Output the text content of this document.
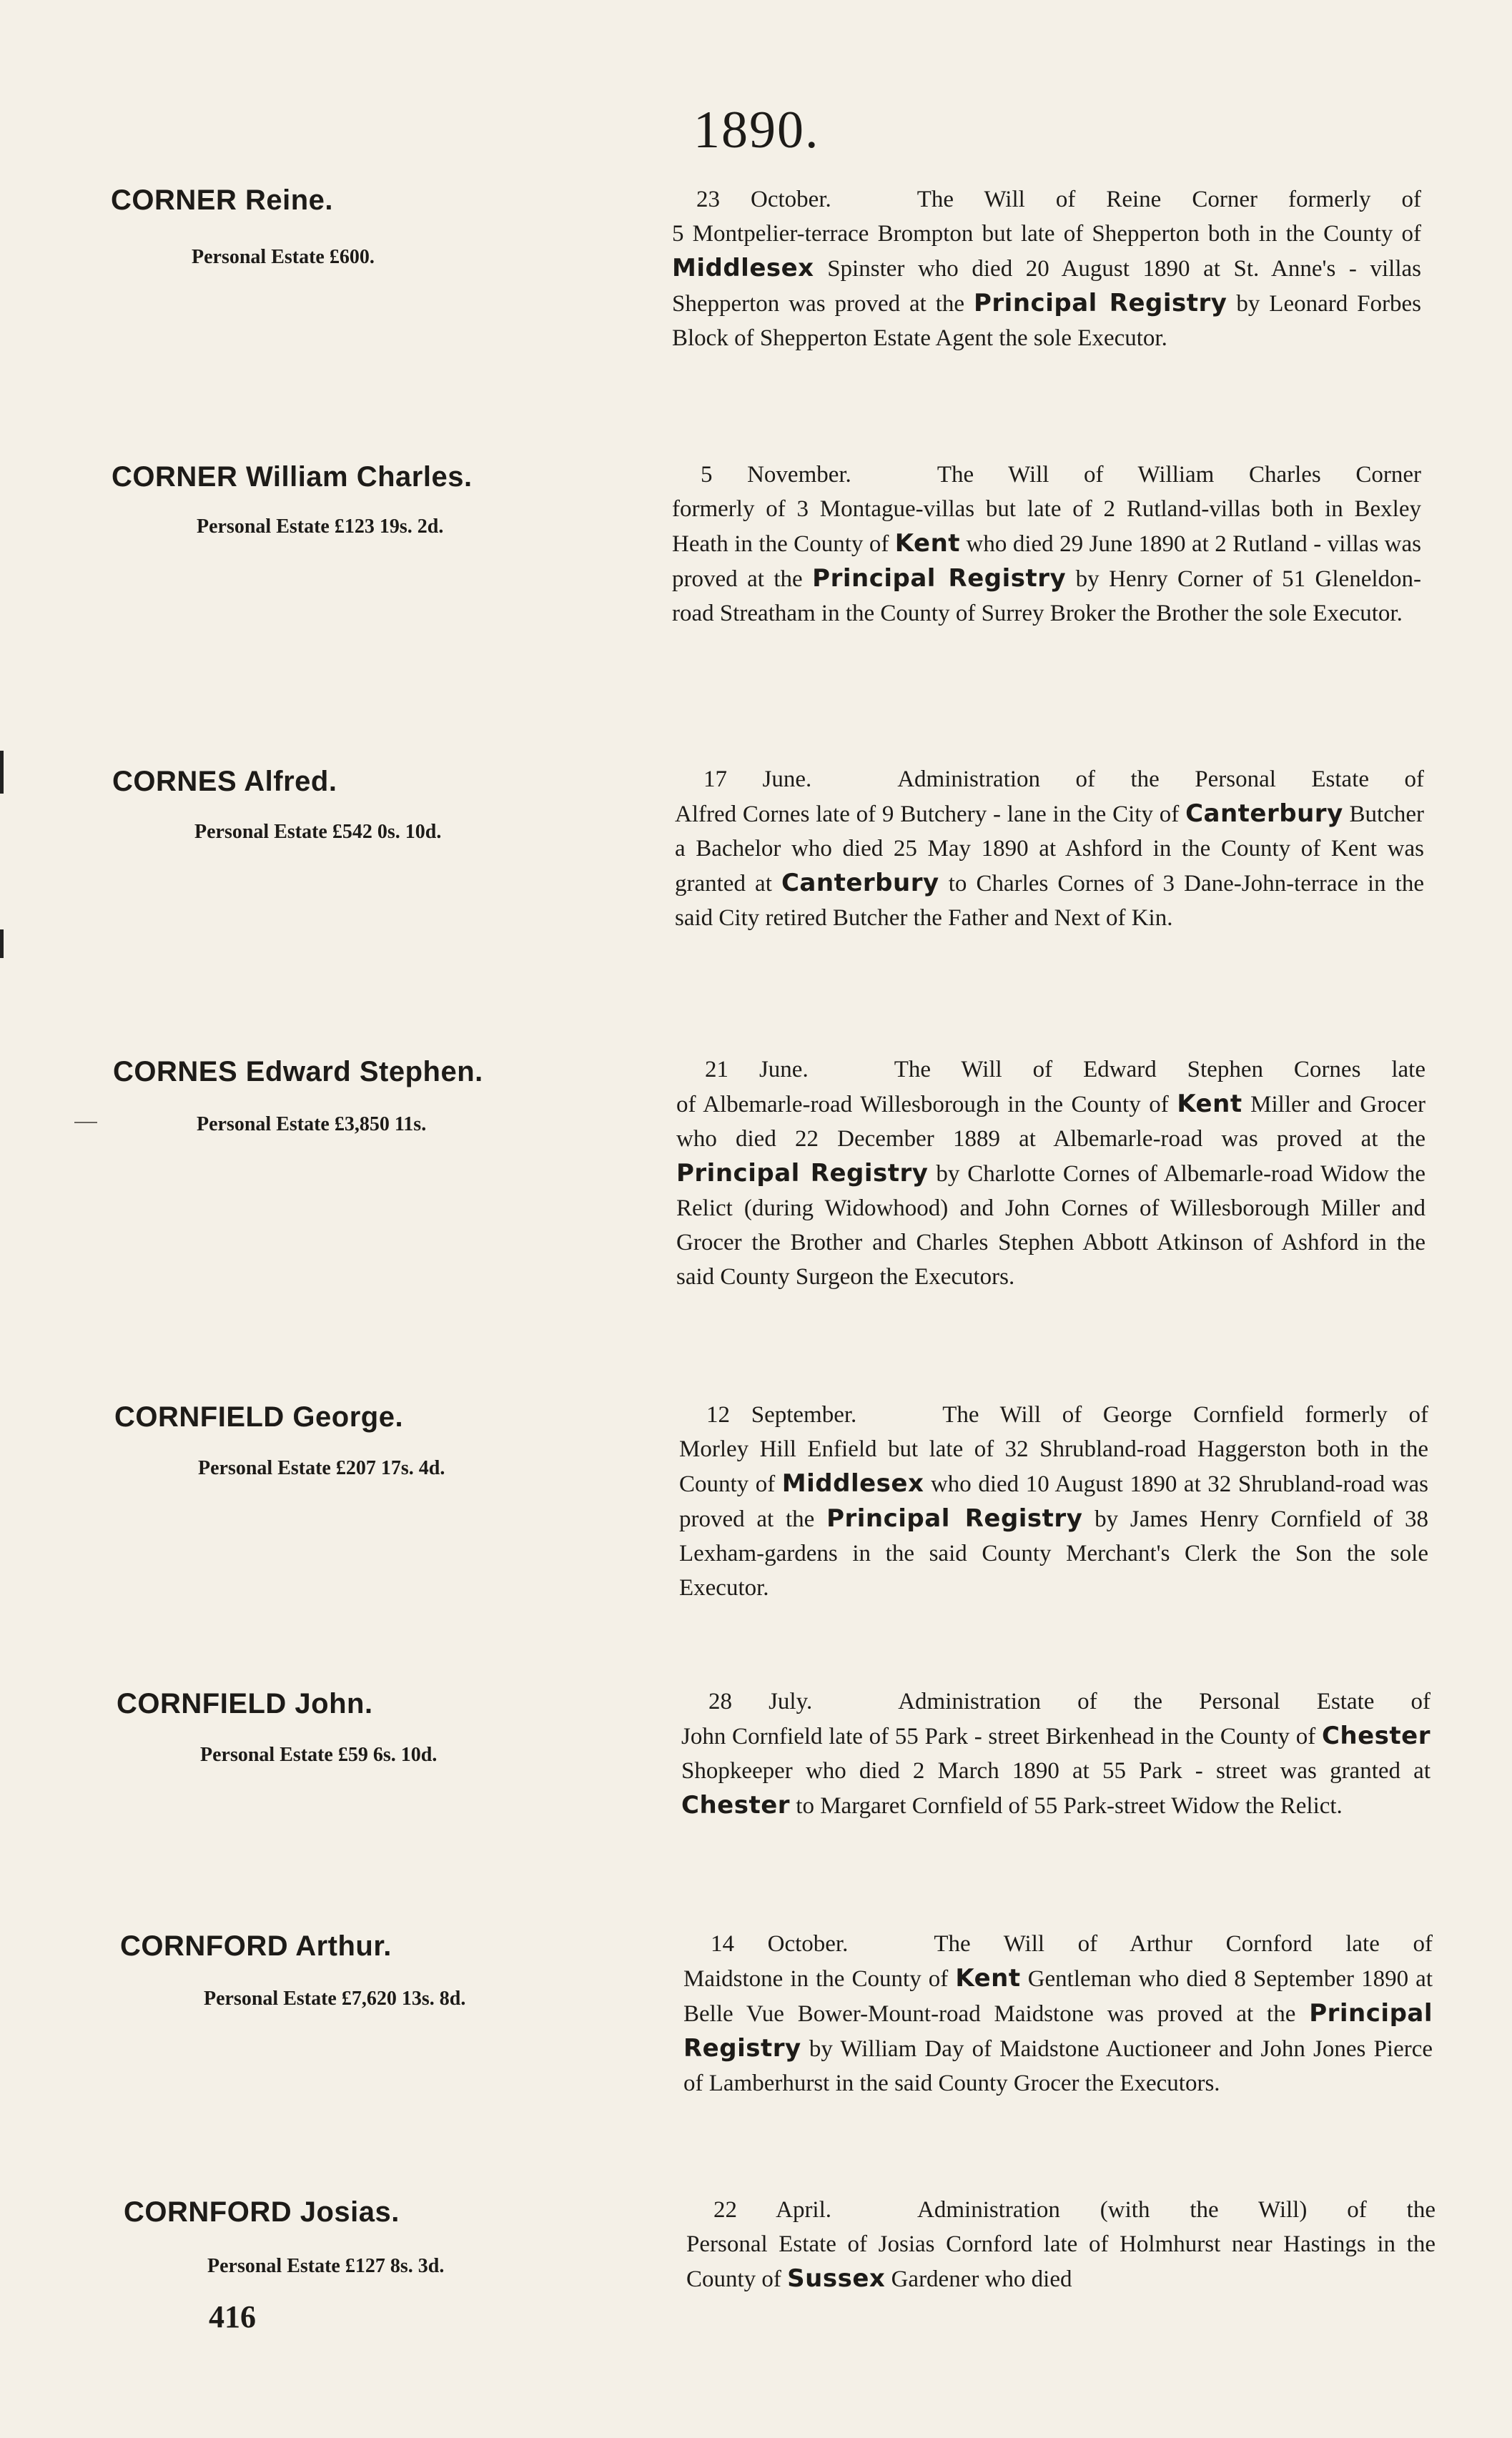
1890.
CORNER Reine.
Personal Estate £600.
23 October.	The Will of Reine Corner formerly of
5 Montpelier-terrace Brompton but late of Shepperton both in the County of Middlesex Spinster who died 20 August 1890 at St. Anne's - villas Shepperton was proved at the Principal Registry by Leonard Forbes Block of Shepperton Estate Agent the sole Executor.
CORNER William Charles.
Personal Estate £123 19s. 2d.
5 November.	The Will of William Charles Corner
formerly of 3 Montague-villas but late of 2 Rutland-villas both in Bexley Heath in the County of Kent who died 29 June 1890 at 2 Rutland - villas was proved at the Principal Registry by Henry Corner of 51 Gleneldon-road Streatham in the County of Surrey Broker the Brother the sole Executor.
CORNES Alfred.
Personal Estate £542 0s. 10d.
17 June.	Administration of the Personal Estate of
Alfred Cornes late of 9 Butchery - lane in the City of Canterbury Butcher a Bachelor who died 25 May 1890 at Ashford in the County of Kent was granted at Canterbury to Charles Cornes of 3 Dane-John-terrace in the said City retired Butcher the Father and Next of Kin.
CORNES Edward Stephen.
Personal Estate £3,850 11s.
21 June.	The Will of Edward Stephen Cornes late
of Albemarle-road Willesborough in the County of Kent Miller and Grocer who died 22 December 1889 at Albemarle-road was proved at the Principal Registry by Charlotte Cornes of Albemarle-road Widow the Relict (during Widowhood) and John Cornes of Willesborough Miller and Grocer the Brother and Charles Stephen Abbott Atkinson of Ashford in the said County Surgeon the Executors.
CORNFIELD George.
Personal Estate £207 17s. 4d.
12 September.	The Will of George Cornfield formerly of
Morley Hill Enfield but late of 32 Shrubland-road Haggerston both in the County of Middlesex who died 10 August 1890 at 32 Shrubland-road was proved at the Principal Registry by James Henry Cornfield of 38 Lexham-gardens in the said County Merchant's Clerk the Son the sole Executor.
CORNFIELD John.
Personal Estate £59 6s. 10d.
28 July.	Administration of the Personal Estate of
John Cornfield late of 55 Park - street Birkenhead in the County of Chester Shopkeeper who died 2 March 1890 at 55 Park - street was granted at Chester to Margaret Cornfield of 55 Park-street Widow the Relict.
CORNFORD Arthur.
Personal Estate £7,620 13s. 8d.
14 October.	The Will of Arthur Cornford late of
Maidstone in the County of Kent Gentleman who died 8 September 1890 at Belle Vue Bower-Mount-road Maidstone was proved at the Principal Registry by William Day of Maidstone Auctioneer and John Jones Pierce of Lamberhurst in the said County Grocer the Executors.
CORNFORD Josias.
Personal Estate £127 8s. 3d.
22 April.	Administration (with the Will) of the
Personal Estate of Josias Cornford late of Holmhurst near Hastings in the County of Sussex Gardener who died
416
